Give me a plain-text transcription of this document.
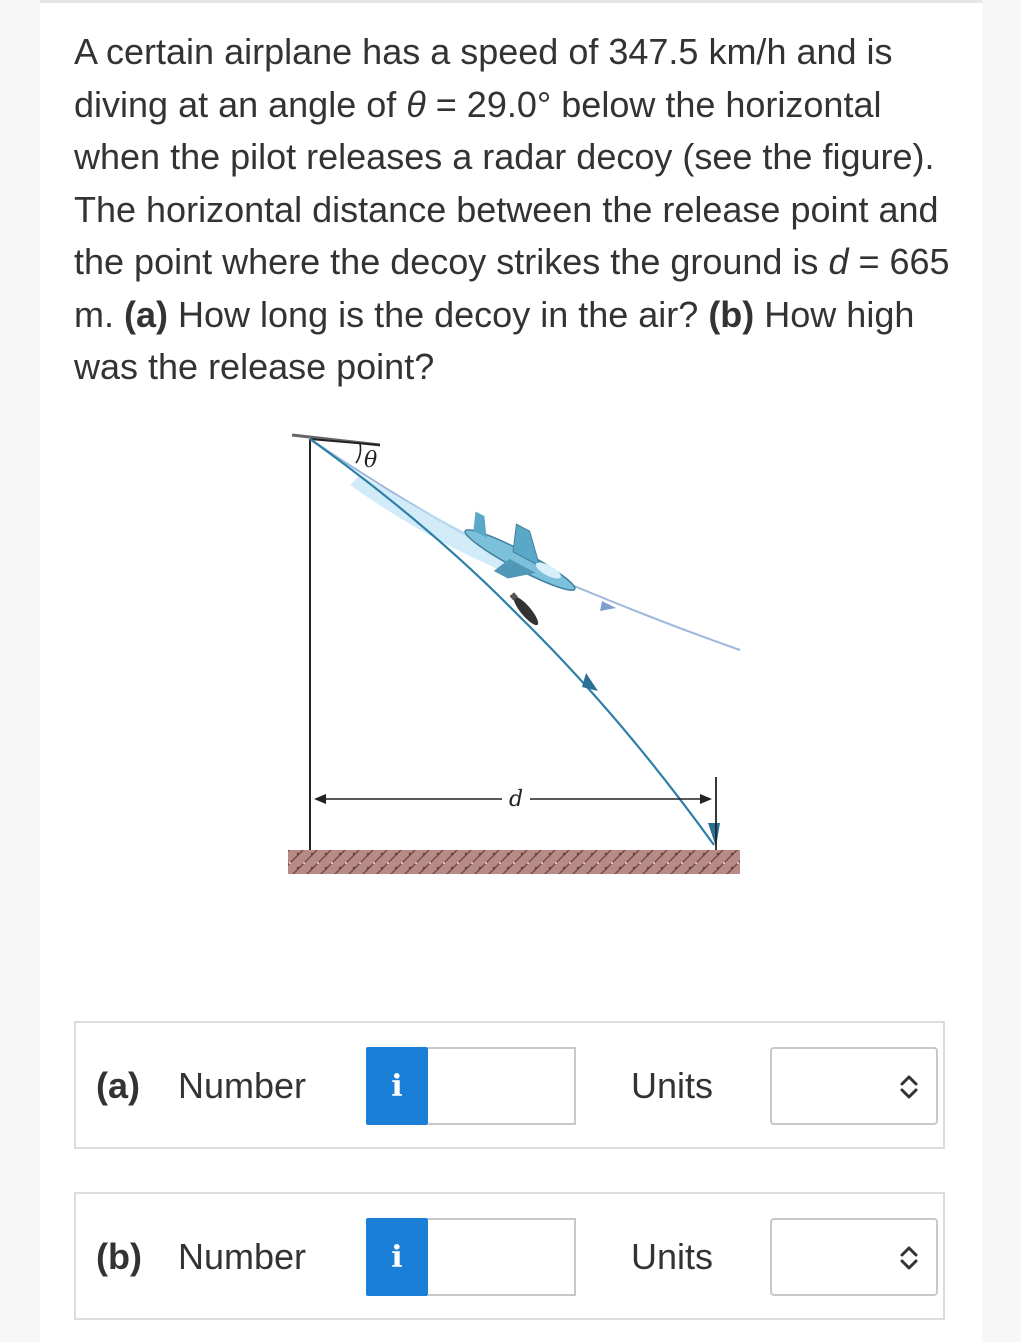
A certain airplane has a speed of 347.5 km/h and is diving at an angle of θ = 29.0° below the horizontal when the pilot releases a radar decoy (see the figure). The horizontal distance between the release point and the point where the decoy strikes the ground is d = 665 m. (a) How long is the decoy in the air? (b) How high was the release point?

θ
d
(a) Number	i	Units
(b) Number	i	Units
